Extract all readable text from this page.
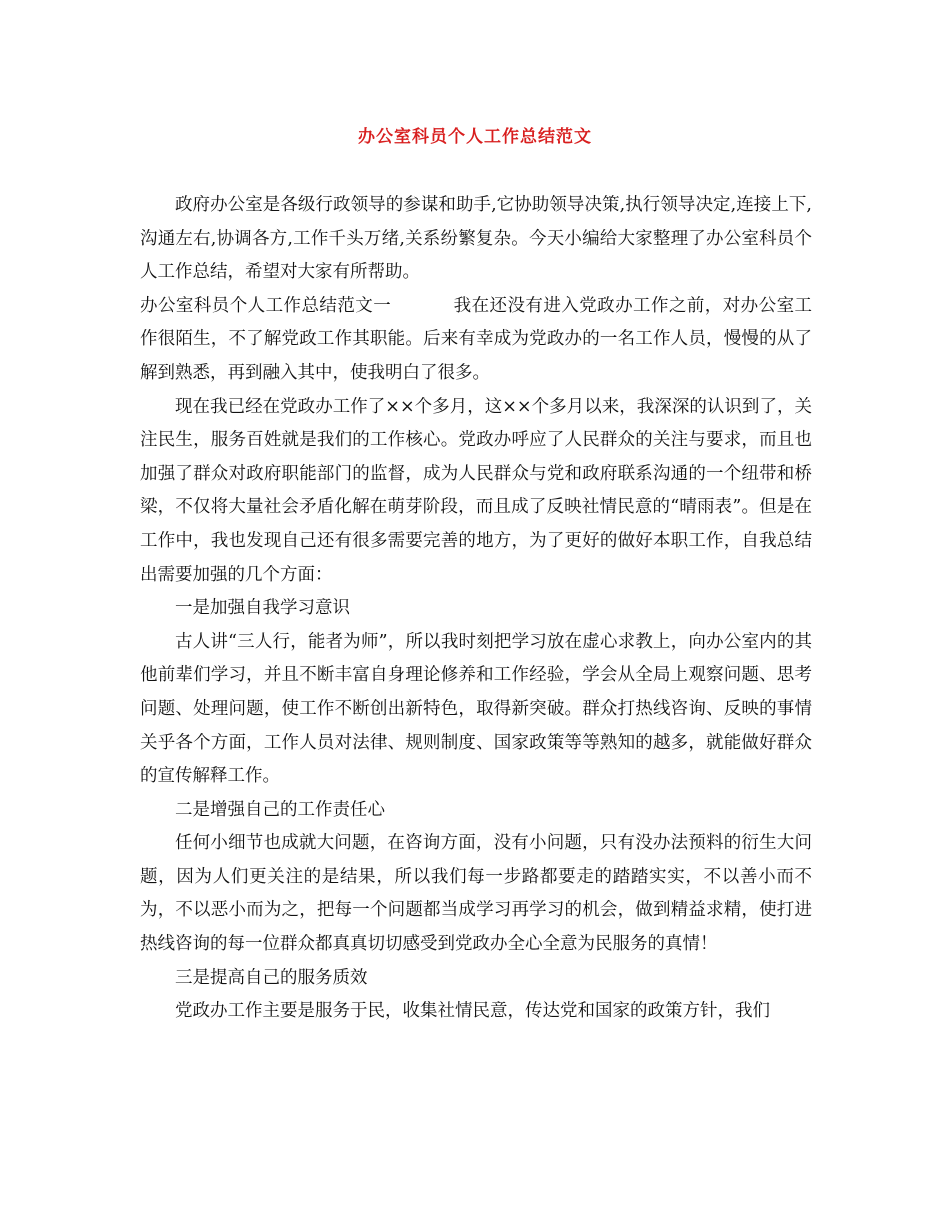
办公室科员个人工作总结范文

政府办公室是各级行政领导的参谋和助手,它协助领导决策,执行领导决定,连接上下,沟通左右,协调各方,工作千头万绪,关系纷繁复杂。今天小编给大家整理了办公室科员个人工作总结，希望对大家有所帮助。

办公室科员个人工作总结范文一	我在还没有进入党政办工作之前，对办公室工作很陌生，不了解党政工作其职能。后来有幸成为党政办的一名工作人员，慢慢的从了解到熟悉，再到融入其中，使我明白了很多。

现在我已经在党政办工作了××个多月，这××个多月以来，我深深的认识到了，关注民生，服务百姓就是我们的工作核心。党政办呼应了人民群众的关注与要求，而且也加强了群众对政府职能部门的监督，成为人民群众与党和政府联系沟通的一个纽带和桥梁，不仅将大量社会矛盾化解在萌芽阶段，而且成了反映社情民意的“晴雨表”。但是在工作中，我也发现自己还有很多需要完善的地方，为了更好的做好本职工作，自我总结出需要加强的几个方面：

一是加强自我学习意识

古人讲“三人行，能者为师”，所以我时刻把学习放在虚心求教上，向办公室内的其他前辈们学习，并且不断丰富自身理论修养和工作经验，学会从全局上观察问题、思考问题、处理问题，使工作不断创出新特色，取得新突破。群众打热线咨询、反映的事情关乎各个方面，工作人员对法律、规则制度、国家政策等等熟知的越多，就能做好群众的宣传解释工作。

二是增强自己的工作责任心

任何小细节也成就大问题，在咨询方面，没有小问题，只有没办法预料的衍生大问题，因为人们更关注的是结果，所以我们每一步路都要走的踏踏实实，不以善小而不为，不以恶小而为之，把每一个问题都当成学习再学习的机会，做到精益求精，使打进热线咨询的每一位群众都真真切切感受到党政办全心全意为民服务的真情！

三是提高自己的服务质效

党政办工作主要是服务于民，收集社情民意，传达党和国家的政策方针，我们
